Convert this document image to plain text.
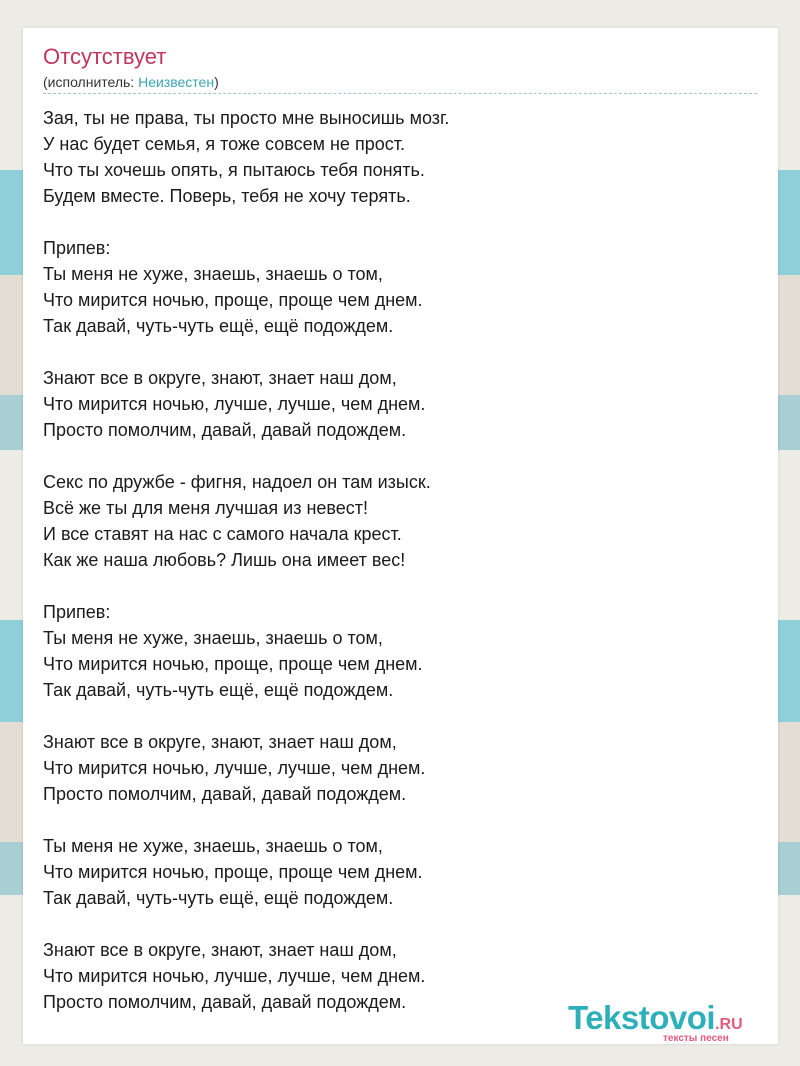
Отсутствует
(исполнитель: Неизвестен)
Зая, ты не права, ты просто мне выносишь мозг.
У нас будет семья, я тоже совсем не прост.
Что ты хочешь опять, я пытаюсь тебя понять.
Будем вместе. Поверь, тебя не хочу терять.
Припев:
Ты меня не хуже, знаешь, знаешь о том,
Что мирится ночью, проще, проще чем днем.
Так давай, чуть-чуть ещё, ещё подождем.
Знают все в округе, знают, знает наш дом,
Что мирится ночью, лучше, лучше, чем днем.
Просто помолчим, давай, давай подождем.
Секс по дружбе - фигня, надоел он там изыск.
Всё же ты для меня лучшая из невест!
И все ставят на нас с самого начала крест.
Как же наша любовь? Лишь она имеет вес!
Припев:
Ты меня не хуже, знаешь, знаешь о том,
Что мирится ночью, проще, проще чем днем.
Так давай, чуть-чуть ещё, ещё подождем.
Знают все в округе, знают, знает наш дом,
Что мирится ночью, лучше, лучше, чем днем.
Просто помолчим, давай, давай подождем.
Ты меня не хуже, знаешь, знаешь о том,
Что мирится ночью, проще, проще чем днем.
Так давай, чуть-чуть ещё, ещё подождем.
Знают все в округе, знают, знает наш дом,
Что мирится ночью, лучше, лучше, чем днем.
Просто помолчим, давай, давай подождем.	Tekstovoi.RU
тексты песен
